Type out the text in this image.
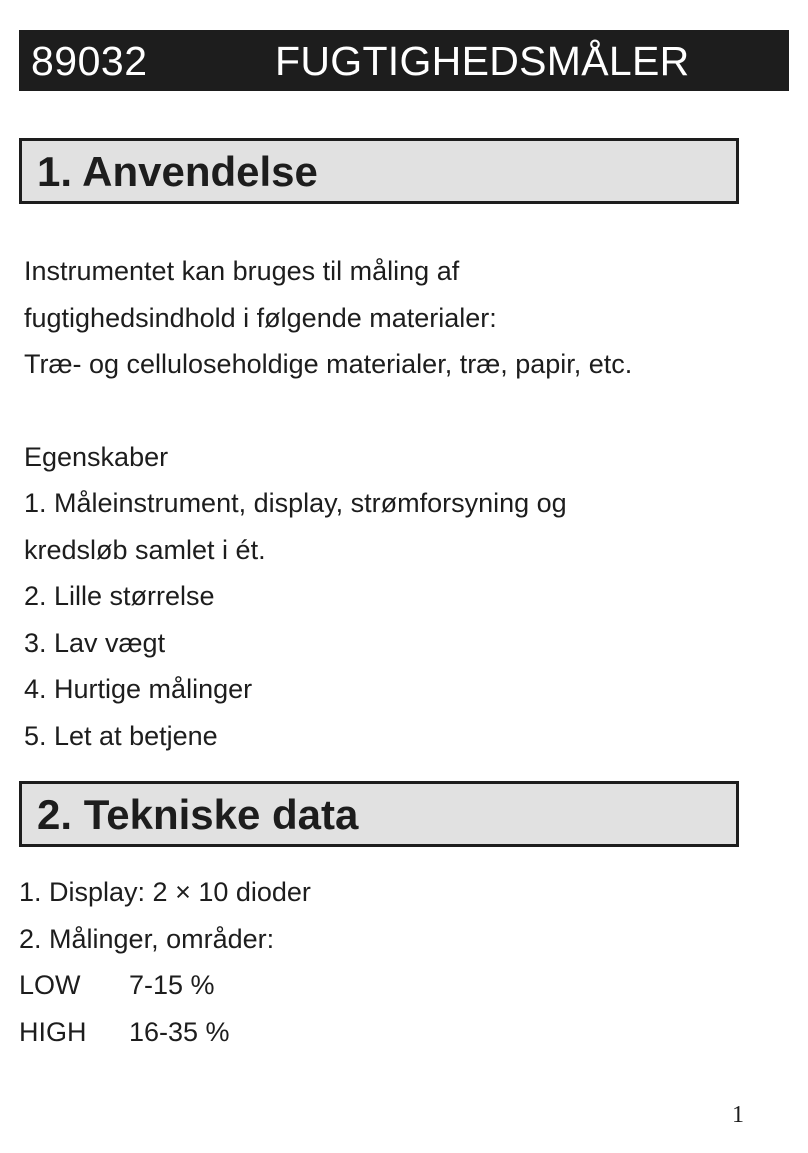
89032	FUGTIGHEDSMÅLER
1. Anvendelse
Instrumentet kan bruges til måling af
fugtighedsindhold i følgende materialer:
Træ- og celluloseholdige materialer, træ, papir, etc.
Egenskaber
1. Måleinstrument, display, strømforsyning og
kredsløb samlet i ét.
2. Lille størrelse
3. Lav vægt
4. Hurtige målinger
5. Let at betjene
2. Tekniske data
1. Display: 2 × 10 dioder
2. Målinger, områder:
LOW 7-15 %
HIGH 16-35 %
1
